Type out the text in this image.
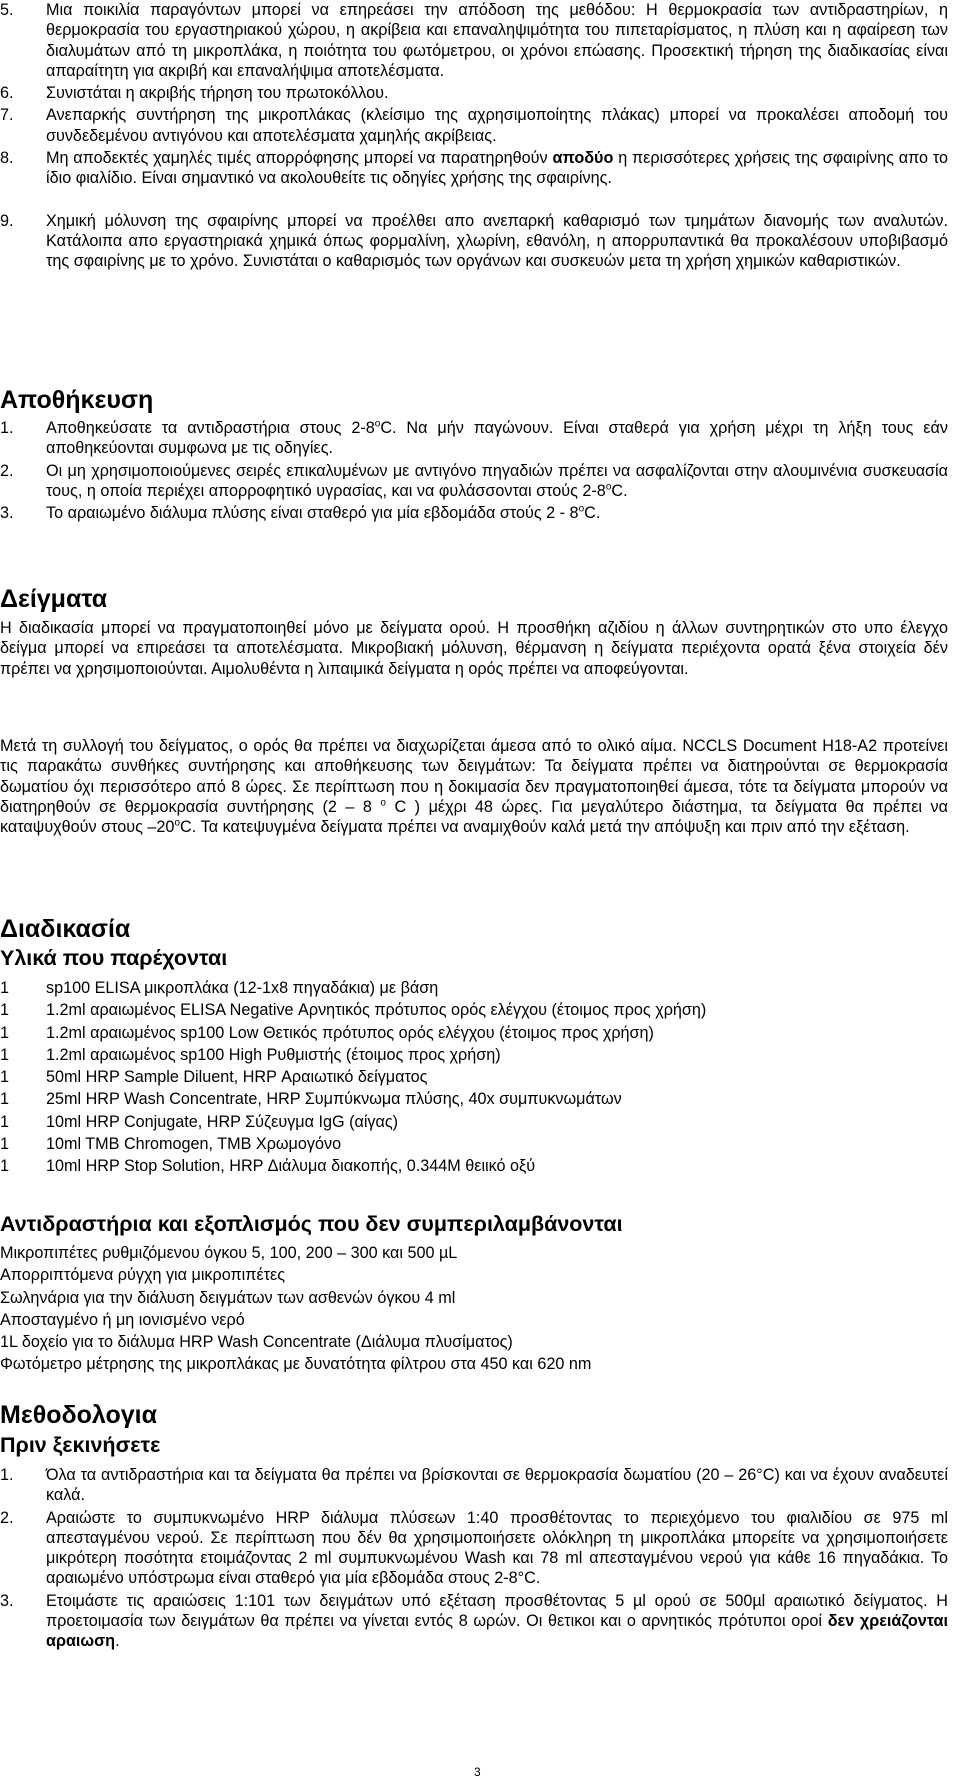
5.	Μια ποικιλία παραγόντων μπορεί να επηρεάσει την απόδοση της μεθόδου: Η θερμοκρασία των αντιδραστηρίων, η θερμοκρασία του εργαστηριακού χώρου, η ακρίβεια και επαναληψιμότητα του πιπεταρίσματος, η πλύση και η αφαίρεση των διαλυμάτων από τη μικροπλάκα, η ποιότητα του φωτόμετρου, οι χρόνοι επώασης. Προσεκτική τήρηση της διαδικασίας είναι απαραίτητη για ακριβή και επαναλήψιμα αποτελέσματα.
6.	Συνιστάται η ακριβής τήρηση του πρωτοκόλλου.
7.	Ανεπαρκής συντήρηση της μικροπλάκας (κλείσιμο της αχρησιμοποίητης πλάκας) μπορεί να προκαλέσει αποδομή του συνδεδεμένου αντιγόνου και αποτελέσματα χαμηλής ακρίβειας.
8.	Μη αποδεκτές χαμηλές τιμές απορρόφησης μπορεί να παρατηρηθούν αποδύο η περισσότερες χρήσεις της σφαιρίνης απο το ίδιο φιαλίδιο. Είναι σημαντικό να ακολουθείτε τις οδηγίες χρήσης της σφαιρίνης.
9.	Χημική μόλυνση της σφαιρίνης μπορεί να προέλθει απο ανεπαρκή καθαρισμό των τμημάτων διανομής των αναλυτών. Κατάλοιπα απο εργαστηριακά χημικά όπως φορμαλίνη, χλωρίνη, εθανόλη, η απορρυπαντικά θα προκαλέσουν υποβιβασμό της σφαιρίνης με το χρόνο. Συνιστάται ο καθαρισμός των οργάνων και συσκευών μετα τη χρήση χημικών καθαριστικών.
Αποθήκευση
1.	Αποθηκεύσατε τα αντιδραστήρια στους 2-8$^o$C. Να μήν παγώνουν. Είναι σταθερά για χρήση μέχρι τη λήξη τους εάν αποθηκεύονται συμφωνα με τις οδηγίες.
2.	Οι μη χρησιμοποιούμενες σειρές επικαλυμένων με αντιγόνο πηγαδιών πρέπει να ασφαλίζονται στην αλουμινένια συσκευασία τους, η οποία περιέχει απορροφητικό υγρασίας, και να φυλάσσονται στούς 2-8$^o$C.
3.	Το αραιωμένο διάλυμα πλύσης είναι σταθερό για μία εβδομάδα στούς 2 - 8$^o$C.
Δείγματα
Η διαδικασία μπορεί να πραγματοποιηθεί μόνο με δείγματα ορού. Η προσθήκη αζιδίου η άλλων συντηρητικών στο υπο έλεγχο δείγμα μπορεί να επιρεάσει τα αποτελέσματα. Μικροβιακή μόλυνση, θέρμανση η δείγματα περιέχοντα ορατά ξένα στοιχεία δέν πρέπει να χρησιμοποιούνται. Αιμολυθέντα η λιπαιμικά δείγματα η ορός πρέπει να αποφεύγονται.
Μετά τη συλλογή του δείγματος, ο ορός θα πρέπει να διαχωρίζεται άμεσα από το ολικό αίμα. NCCLS Document H18-A2 προτείνει τις παρακάτω συνθήκες συντήρησης και αποθήκευσης των δειγμάτων: Τα δείγματα πρέπει να διατηρούνται σε θερμοκρασία δωματίου όχι περισσότερο από 8 ώρες. Σε περίπτωση που η δοκιμασία δεν πραγματοποιηθεί άμεσα, τότε τα δείγματα μπορούν να διατηρηθούν σε θερμοκρασία συντήρησης (2 – 8 $^o$ C ) μέχρι 48 ώρες. Για μεγαλύτερο διάστημα, τα δείγματα θα πρέπει να καταψυχθούν στους –20$^o$C. Τα κατεψυγμένα δείγματα πρέπει να αναμιχθούν καλά μετά την απόψυξη και πριν από την εξέταση.
Διαδικασία
Υλικά που παρέχονται
1	sp100 ELISA μικροπλάκα (12-1x8 πηγαδάκια) με βάση
1	1.2ml αραιωμένος ELISA Negative Αρνητικός πρότυπος ορός ελέγχου (έτοιμος προς χρήση)
1	1.2ml αραιωμένος sp100 Low Θετικός πρότυπος ορός ελέγχου (έτοιμος προς χρήση)
1	1.2ml αραιωμένος sp100 High Ρυθμιστής (έτοιμος προς χρήση)
1	50ml HRP Sample Diluent, HRP Αραιωτικό δείγματος
1	25ml HRP Wash Concentrate, HRP Συμπύκνωμα πλύσης, 40x συμπυκνωμάτων
1	10ml HRP Conjugate, HRP Σύζευγμα IgG (αίγας)
1	10ml TMB Chromogen, TMB Χρωμογόνο
1	10ml HRP Stop Solution, HRP Διάλυμα διακοπής, 0.344M θειικό οξύ
Αντιδραστήρια και εξοπλισμός που δεν συμπεριλαμβάνονται
Μικροπιπέτες ρυθμιζόμενου όγκου 5, 100, 200 – 300 και 500 µL
Απορριπτόμενα ρύγχη για μικροπιπέτες
Σωληνάρια για την διάλυση δειγμάτων των ασθενών όγκου 4 ml
Αποσταγμένο ή μη ιονισμένο νερό
1L δοχείο για το διάλυμα HRP Wash Concentrate (Διάλυμα πλυσίματος)
Φωτόμετρο μέτρησης της μικροπλάκας με δυνατότητα φίλτρου στα 450 και 620 nm
Μεθοδολογια
Πριν ξεκινήσετε
1.	Όλα τα αντιδραστήρια και τα δείγματα θα πρέπει να βρίσκονται σε θερμοκρασία δωματίου (20 – 26°C) και να έχουν αναδευτεί καλά.
2.	Αραιώστε το συμπυκνωμένο HRP διάλυμα πλύσεων 1:40 προσθέτοντας το περιεχόμενο του φιαλιδίου σε 975 ml απεσταγμένου νερού. Σε περίπτωση που δέν θα χρησιμοποιήσετε ολόκληρη τη μικροπλάκα μπορείτε να χρησιμοποιήσετε μικρότερη ποσότητα ετοιμάζοντας 2 ml συμπυκνωμένου Wash και 78 ml απεσταγμένου νερού για κάθε 16 πηγαδάκια. Το αραιωμένο υπόστρωμα είναι σταθερό για μία εβδομάδα στους 2-8°C.
3.	Ετοιμάστε τις αραιώσεις 1:101 των δειγμάτων υπό εξέταση προσθέτοντας 5 µl ορού σε 500µl αραιωτικό δείγματος. Η προετοιμασία των δειγμάτων θα πρέπει να γίνεται εντός 8 ωρών. Οι θετικοι και ο αρνητικός πρότυποι οροί δεν χρειάζονται αραιωση.
3
